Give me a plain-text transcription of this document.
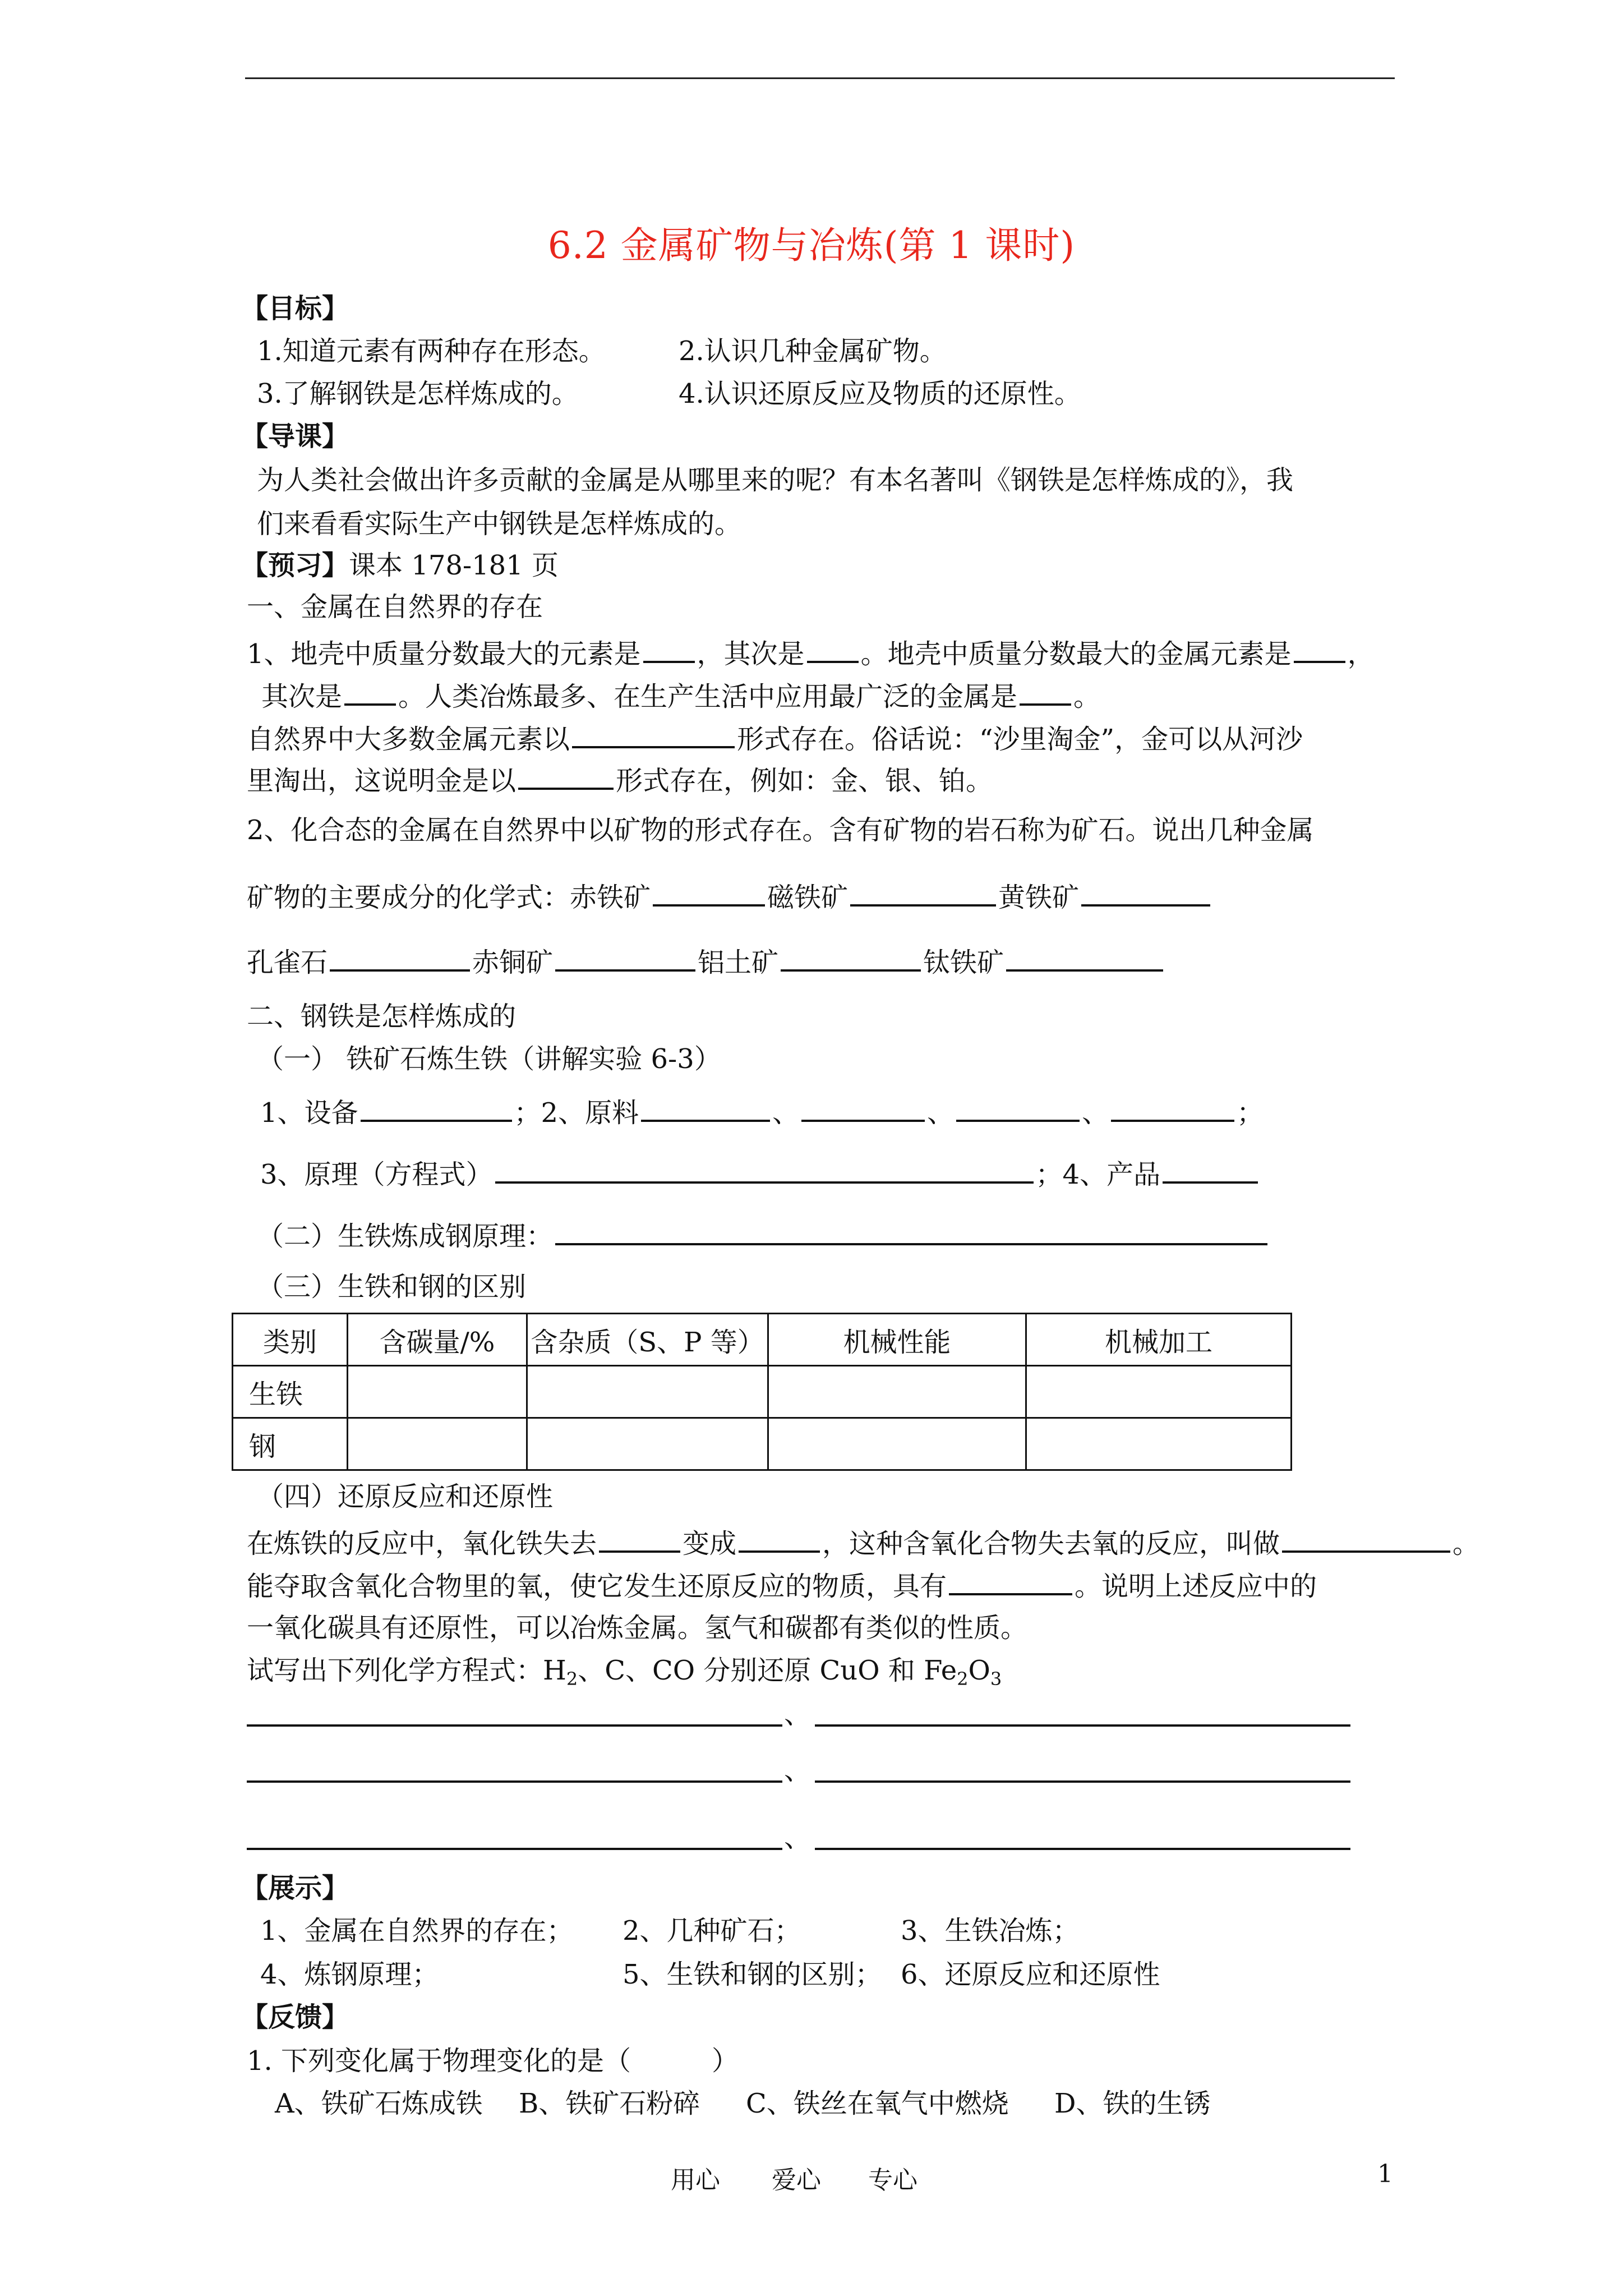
6.2 金属矿物与冶炼(第 1 课时)
【目标】
1.知道元素有两种存在形态。	2.认识几种金属矿物。
3.了解钢铁是怎样炼成的。	4.认识还原反应及物质的还原性。
【导课】
为人类社会做出许多贡献的金属是从哪里来的呢？有本名著叫《钢铁是怎样炼成的》，我
们来看看实际生产中钢铁是怎样炼成的。
【预习】课本 178-181 页
一、金属在自然界的存在
1、地壳中质量分数最大的元素是 ，其次是 。地壳中质量分数最大的金属元素是 ，
其次是 。人类冶炼最多、在生产生活中应用最广泛的金属是 。
自然界中大多数金属元素以	形式存在。俗话说：“沙里淘金”，金可以从河沙
里淘出，这说明金是以	形式存在，例如：金、银、铂。
2、化合态的金属在自然界中以矿物的形式存在。含有矿物的岩石称为矿石。说出几种金属
矿物的主要成分的化学式：赤铁矿	磁铁矿	黄铁矿
孔雀石	赤铜矿	铝土矿	钛铁矿
二、钢铁是怎样炼成的
（一） 铁矿石炼生铁（讲解实验 6-3）
1、设备	；2、原料	、	、	、	；
3、原理（方程式）	；4、产品
（二）生铁炼成钢原理：
（三）生铁和钢的区别
类别	含碳量/%	含杂质（S、P 等）	机械性能	机械加工
生铁				
钢				
（四）还原反应和还原性
在炼铁的反应中，氧化铁失去	变成	，这种含氧化合物失去氧的反应，叫做	。
能夺取含氧化合物里的氧，使它发生还原反应的物质，具有	。说明上述反应中的
一氧化碳具有还原性，可以冶炼金属。氢气和碳都有类似的性质。
试写出下列化学方程式：$H_2$、C、CO 分别还原 CuO 和 $Fe_2O_3$
、
、
、
【展示】
1、金属在自然界的存在； 2、几种矿石；	3、生铁冶炼；
4、炼钢原理；	5、生铁和钢的区别； 6、还原反应和还原性
【反馈】
1. 下列变化属于物理变化的是（　　　）
A、铁矿石炼成铁 B、铁矿石粉碎 C、铁丝在氧气中燃烧 D、铁的生锈
用心 爱心 专心	1
